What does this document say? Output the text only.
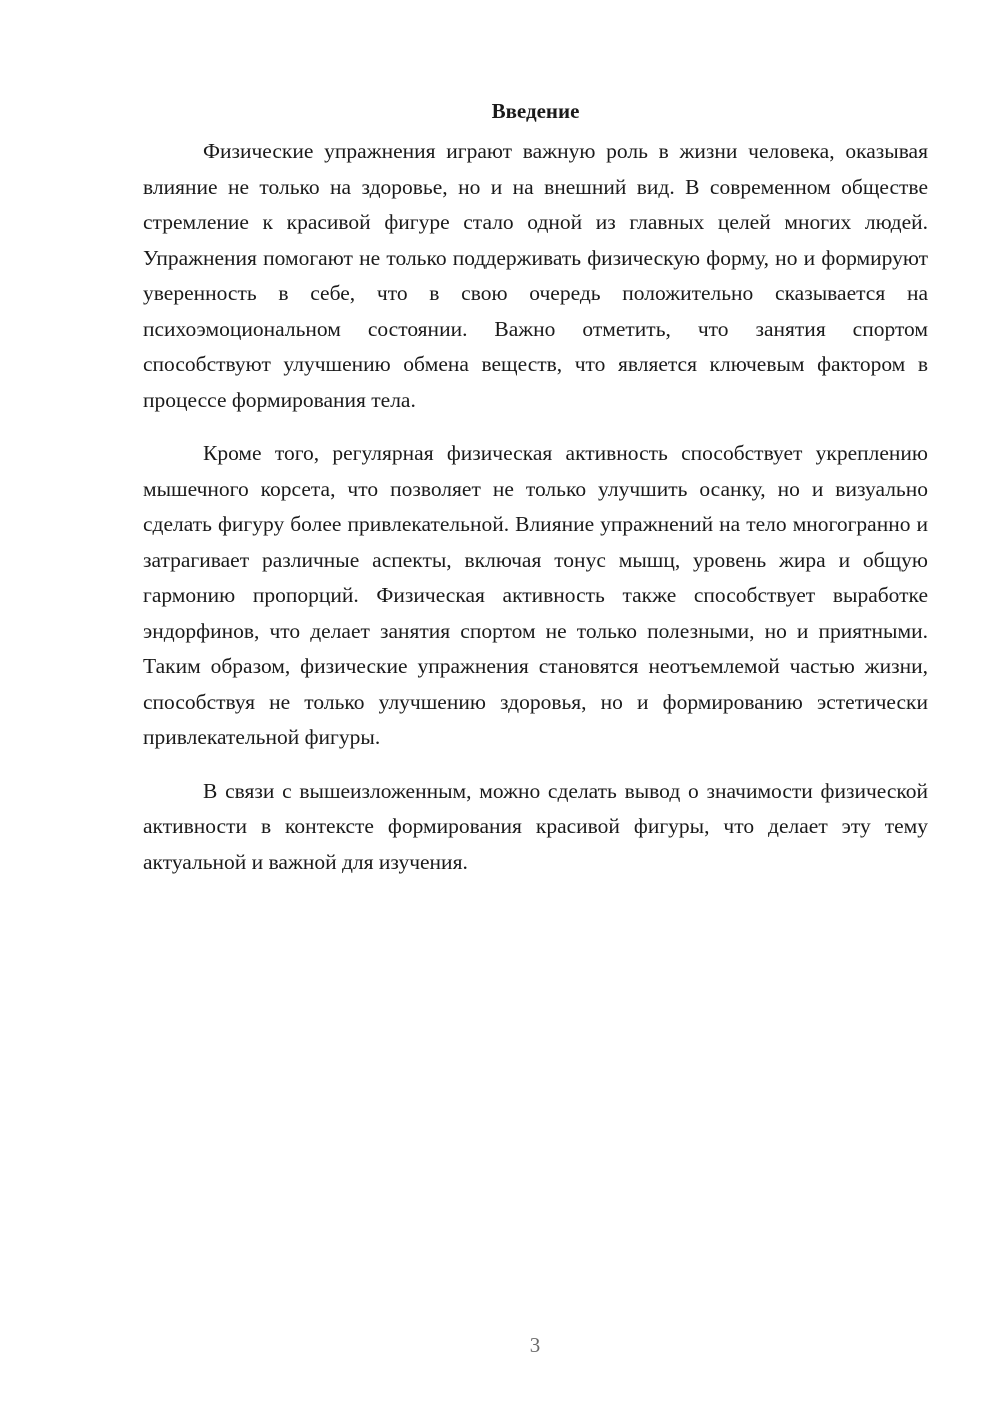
Введение

Физические упражнения играют важную роль в жизни человека, оказывая влияние не только на здоровье, но и на внешний вид. В современном обществе стремление к красивой фигуре стало одной из главных целей многих людей. Упражнения помогают не только поддерживать физическую форму, но и формируют уверенность в себе, что в свою очередь положительно сказывается на психоэмоциональном состоянии. Важно отметить, что занятия спортом способствуют улучшению обмена веществ, что является ключевым фактором в процессе формирования тела.

Кроме того, регулярная физическая активность способствует укреплению мышечного корсета, что позволяет не только улучшить осанку, но и визуально сделать фигуру более привлекательной. Влияние упражнений на тело многогранно и затрагивает различные аспекты, включая тонус мышц, уровень жира и общую гармонию пропорций. Физическая активность также способствует выработке эндорфинов, что делает занятия спортом не только полезными, но и приятными. Таким образом, физические упражнения становятся неотъемлемой частью жизни, способствуя не только улучшению здоровья, но и формированию эстетически привлекательной фигуры.

В связи с вышеизложенным, можно сделать вывод о значимости физической активности в контексте формирования красивой фигуры, что делает эту тему актуальной и важной для изучения.

3
